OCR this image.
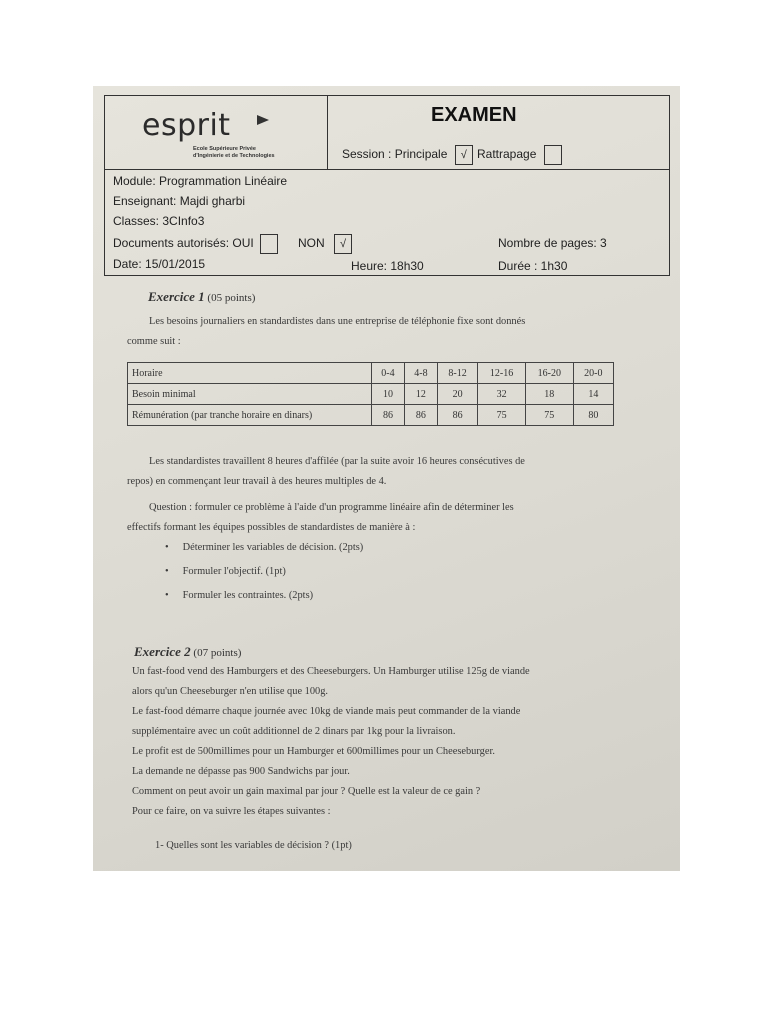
esprit
Ecole Supérieure Privée
d'Ingénierie et de Technologies
EXAMEN
Session : Principale √ Rattrapage
Module: Programmation Linéaire
Enseignant: Majdi gharbi
Classes: 3CInfo3
Documents autorisés: OUI	NON √	Nombre de pages: 3
Date: 15/01/2015	Heure: 18h30	Durée : 1h30
Exercice 1 (05 points)
Les besoins journaliers en standardistes dans une entreprise de téléphonie fixe sont donnés
comme suit :
Horaire	0-4	4-8	8-12	12-16	16-20	20-0
Besoin minimal	10	12	20	32	18	14
Rémunération (par tranche horaire en dinars)	86	86	86	75	75	80
Les standardistes travaillent 8 heures d'affilée (par la suite avoir 16 heures consécutives de
repos) en commençant leur travail à des heures multiples de 4.
Question : formuler ce problème à l'aide d'un programme linéaire afin de déterminer les
effectifs formant les équipes possibles de standardistes de manière à :
• Déterminer les variables de décision. (2pts)
• Formuler l'objectif. (1pt)
• Formuler les contraintes. (2pts)
Exercice 2 (07 points)
Un fast-food vend des Hamburgers et des Cheeseburgers. Un Hamburger utilise 125g de viande
alors qu'un Cheeseburger n'en utilise que 100g.
Le fast-food démarre chaque journée avec 10kg de viande mais peut commander de la viande
supplémentaire avec un coût additionnel de 2 dinars par 1kg pour la livraison.
Le profit est de 500millimes pour un Hamburger et 600millimes pour un Cheeseburger.
La demande ne dépasse pas 900 Sandwichs par jour.
Comment on peut avoir un gain maximal par jour ? Quelle est la valeur de ce gain ?
Pour ce faire, on va suivre les étapes suivantes :
1- Quelles sont les variables de décision ? (1pt)
